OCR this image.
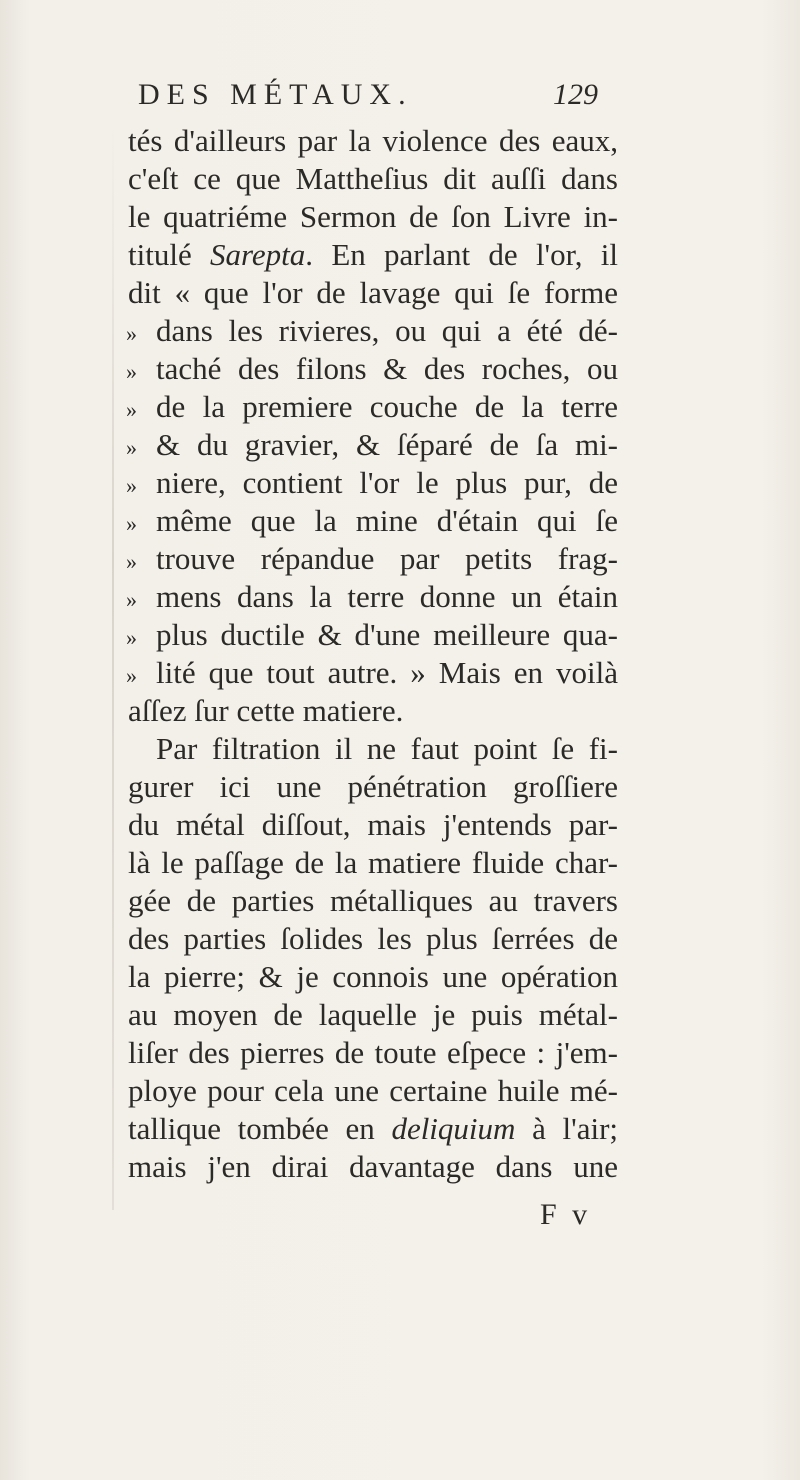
DES MÉTAUX.	129
tés d'ailleurs par la violence des eaux,
c'eſt ce que Mattheſius dit auſſi dans
le quatriéme Sermon de ſon Livre in-
titulé Sarepta. En parlant de l'or, il
dit « que l'or de lavage qui ſe forme
» dans les rivieres, ou qui a été dé-
» taché des filons & des roches, ou
» de la premiere couche de la terre
» & du gravier, & ſéparé de ſa mi-
» niere, contient l'or le plus pur, de
» même que la mine d'étain qui ſe
» trouve répandue par petits frag-
» mens dans la terre donne un étain
» plus ductile & d'une meilleure qua-
» lité que tout autre. » Mais en voilà
aſſez ſur cette matiere.
Par filtration il ne faut point ſe fi-
gurer ici une pénétration groſſiere
du métal diſſout, mais j'entends par-
là le paſſage de la matiere fluide char-
gée de parties métalliques au travers
des parties ſolides les plus ſerrées de
la pierre; & je connois une opération
au moyen de laquelle je puis métal-
liſer des pierres de toute eſpece : j'em-
ploye pour cela une certaine huile mé-
tallique tombée en deliquium à l'air;
mais j'en dirai davantage dans une
F v
